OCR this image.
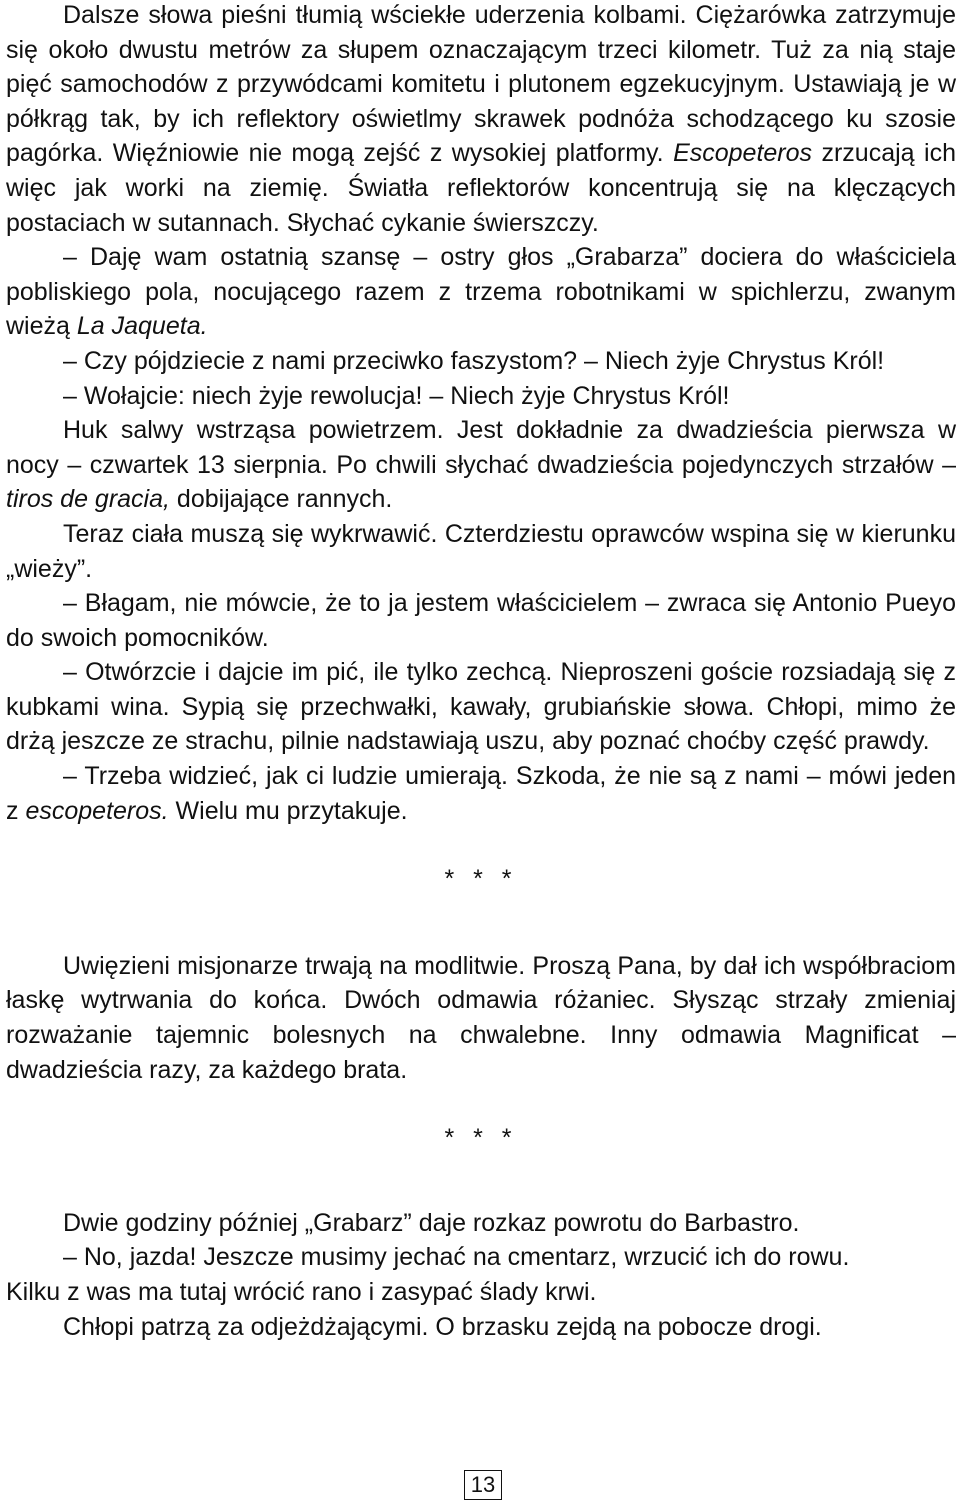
Dalsze słowa pieśni tłumią wściekłe uderzenia kolbami. Ciężarówka zatrzymuje się około dwustu metrów za słupem oznaczającym trzeci kilometr. Tuż za nią staje pięć samochodów z przywódcami komitetu i plutonem egzekucyjnym. Ustawiają je w półkrąg tak, by ich reflektory oświetlmy skrawek podnóża schodzącego ku szosie pagórka. Więźniowie nie mogą zejść z wysokiej platformy. Escopeteros zrzucają ich więc jak worki na ziemię. Światła reflektorów koncentrują się na klęczących postaciach w sutannach. Słychać cykanie świerszczy.

– Daję wam ostatnią szansę – ostry głos „Grabarza” dociera do właściciela pobliskiego pola, nocującego razem z trzema robotnikami w spichlerzu, zwanym wieżą La Jaqueta.

– Czy pójdziecie z nami przeciwko faszystom? – Niech żyje Chrystus Król!

– Wołajcie: niech żyje rewolucja! – Niech żyje Chrystus Król!

Huk salwy wstrząsa powietrzem. Jest dokładnie za dwadzieścia pierwsza w nocy – czwartek 13 sierpnia. Po chwili słychać dwadzieścia pojedynczych strzałów – tiros de gracia, dobijające rannych.

Teraz ciała muszą się wykrwawić. Czterdziestu oprawców wspina się w kierunku „wieży”.

– Błagam, nie mówcie, że to ja jestem właścicielem – zwraca się Antonio Pueyo do swoich pomocników.

– Otwórzcie i dajcie im pić, ile tylko zechcą. Nieproszeni goście rozsiadają się z kubkami wina. Sypią się przechwałki, kawały, grubiańskie słowa. Chłopi, mimo że drżą jeszcze ze strachu, pilnie nadstawiają uszu, aby poznać choćby część prawdy.

– Trzeba widzieć, jak ci ludzie umierają. Szkoda, że nie są z nami – mówi jeden z escopeteros. Wielu mu przytakuje.

* * *

Uwięzieni misjonarze trwają na modlitwie. Proszą Pana, by dał ich współbraciom łaskę wytrwania do końca. Dwóch odmawia różaniec. Słysząc strzały zmieniaj rozważanie tajemnic bolesnych na chwalebne. Inny odmawia Magnificat – dwadzieścia razy, za każdego brata.

* * *

Dwie godziny później „Grabarz” daje rozkaz powrotu do Barbastro.

– No, jazda! Jeszcze musimy jechać na cmentarz, wrzucić ich do rowu.

Kilku z was ma tutaj wrócić rano i zasypać ślady krwi.

Chłopi patrzą za odjeżdżającymi. O brzasku zejdą na pobocze drogi.

13
